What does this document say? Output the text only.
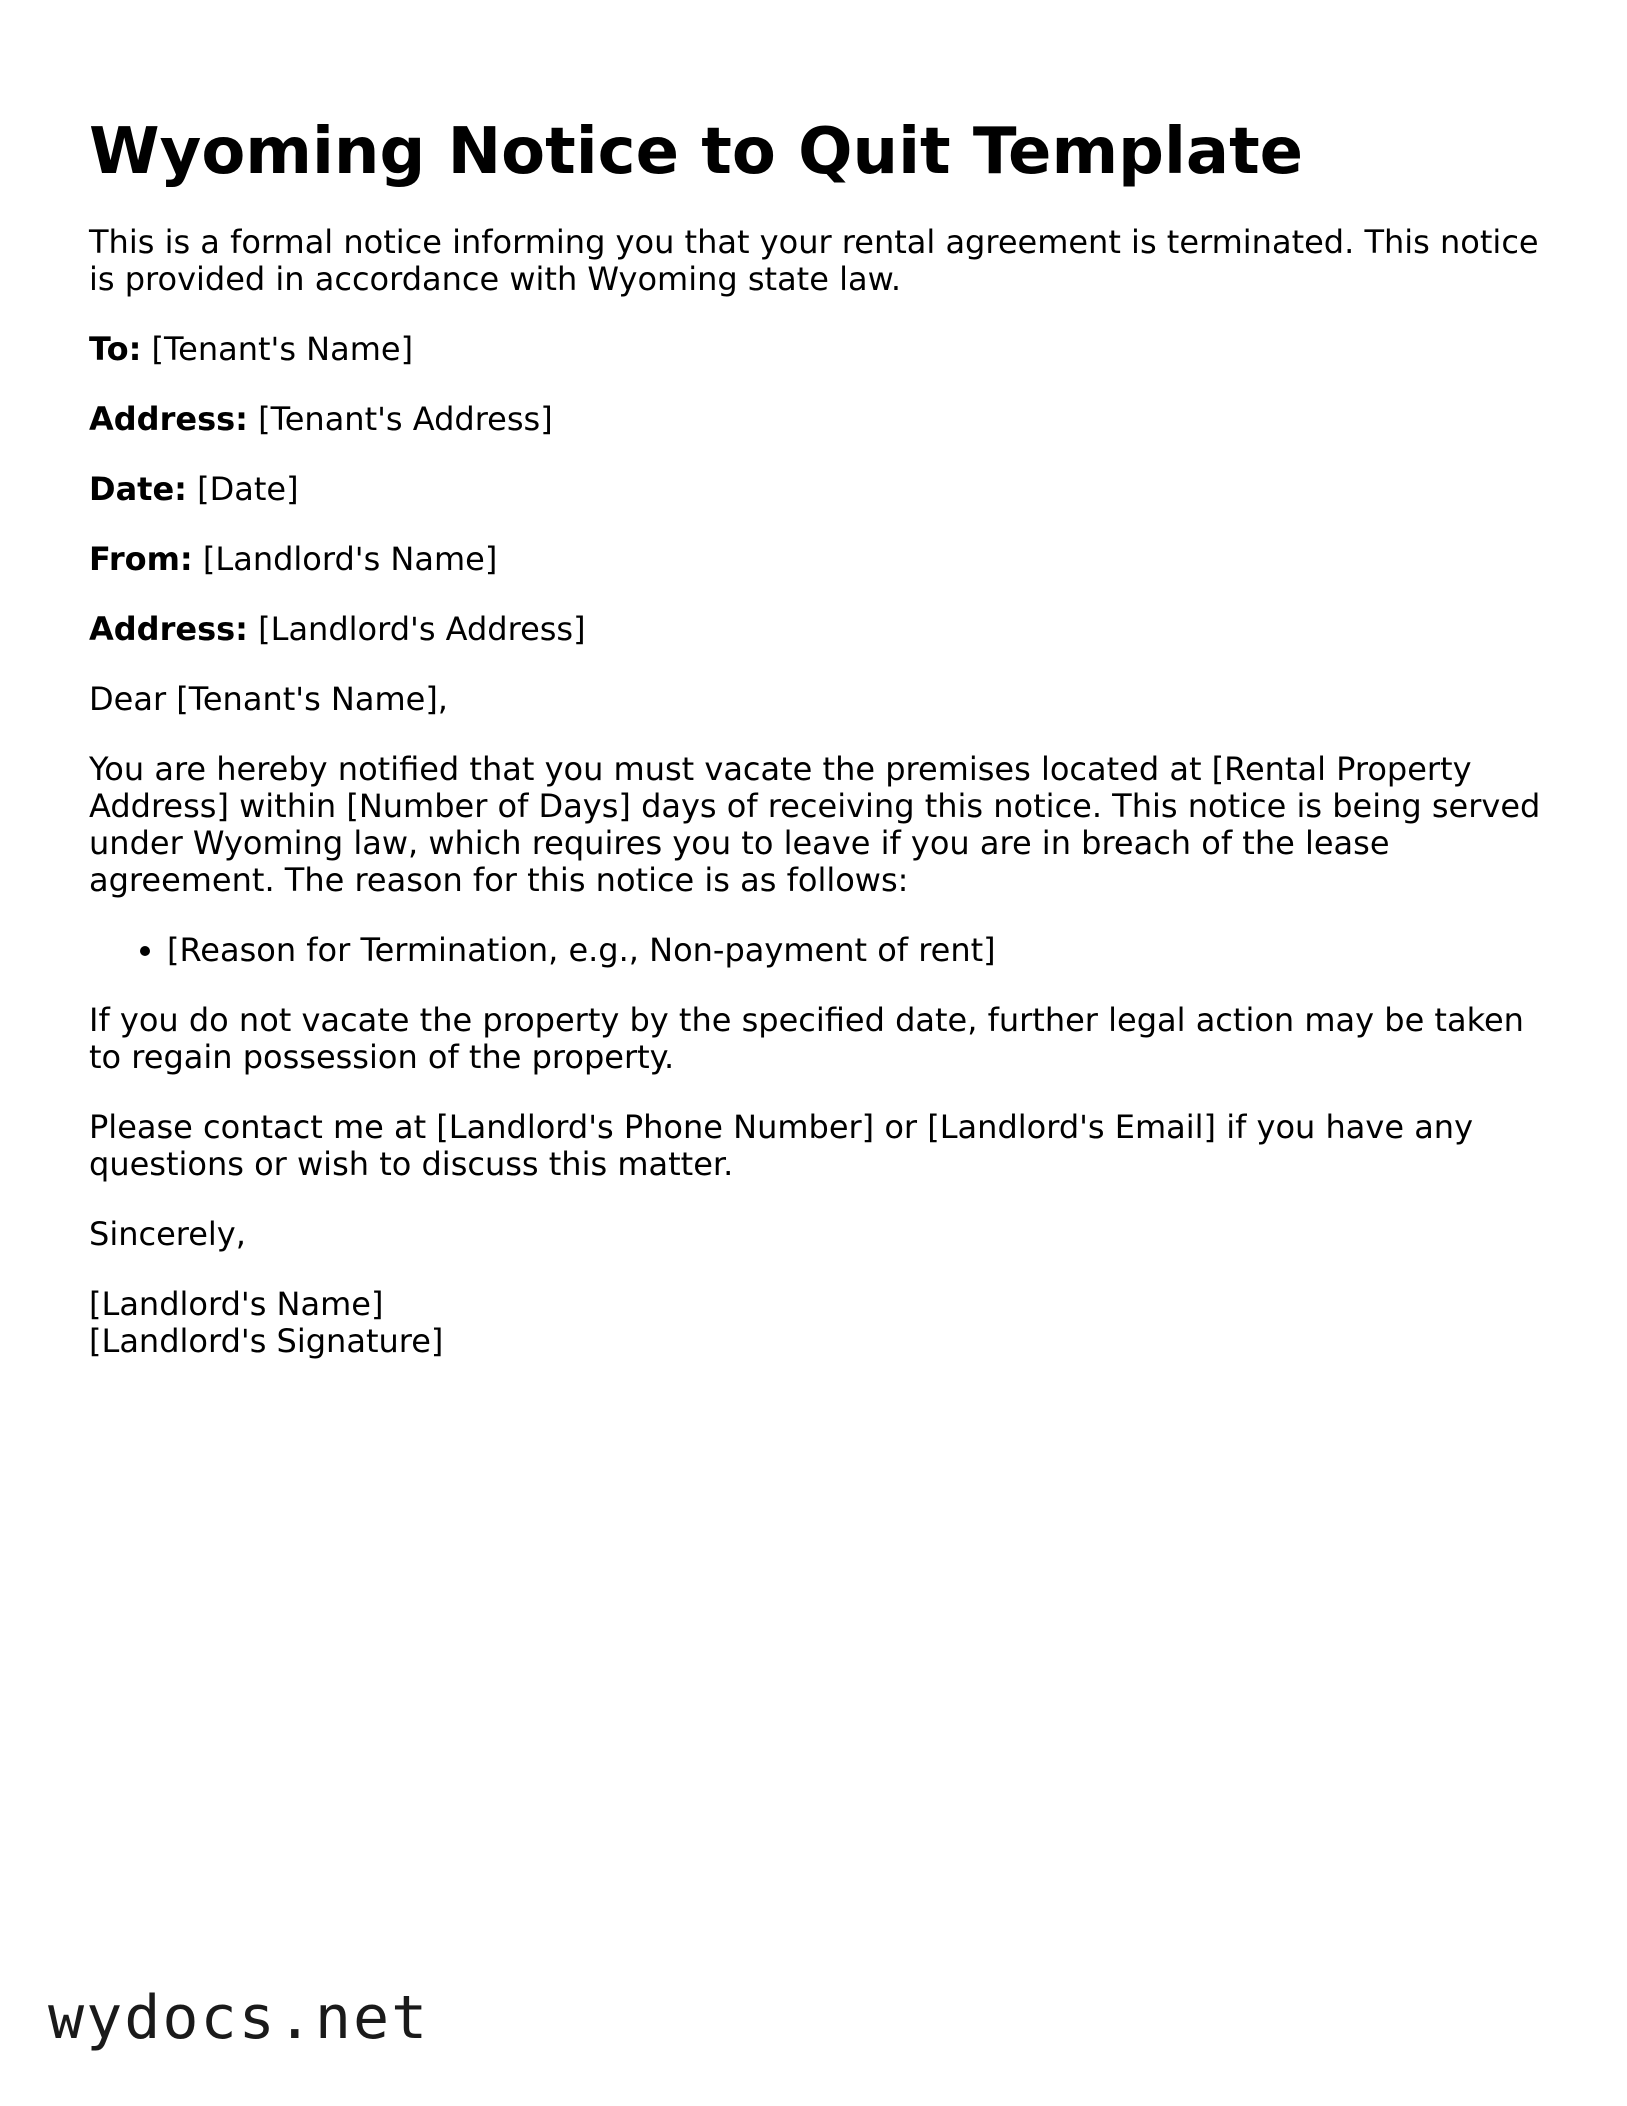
Wyoming Notice to Quit Template

This is a formal notice informing you that your rental agreement is terminated. This notice is provided in accordance with Wyoming state law.

To: [Tenant's Name]

Address: [Tenant's Address]

Date: [Date]

From: [Landlord's Name]

Address: [Landlord's Address]

Dear [Tenant's Name],

You are hereby notified that you must vacate the premises located at [Rental Property Address] within [Number of Days] days of receiving this notice. This notice is being served under Wyoming law, which requires you to leave if you are in breach of the lease agreement. The reason for this notice is as follows:

• [Reason for Termination, e.g., Non-payment of rent]

If you do not vacate the property by the specified date, further legal action may be taken to regain possession of the property.

Please contact me at [Landlord's Phone Number] or [Landlord's Email] if you have any questions or wish to discuss this matter.

Sincerely,

[Landlord's Name]
[Landlord's Signature]

wydocs.net
